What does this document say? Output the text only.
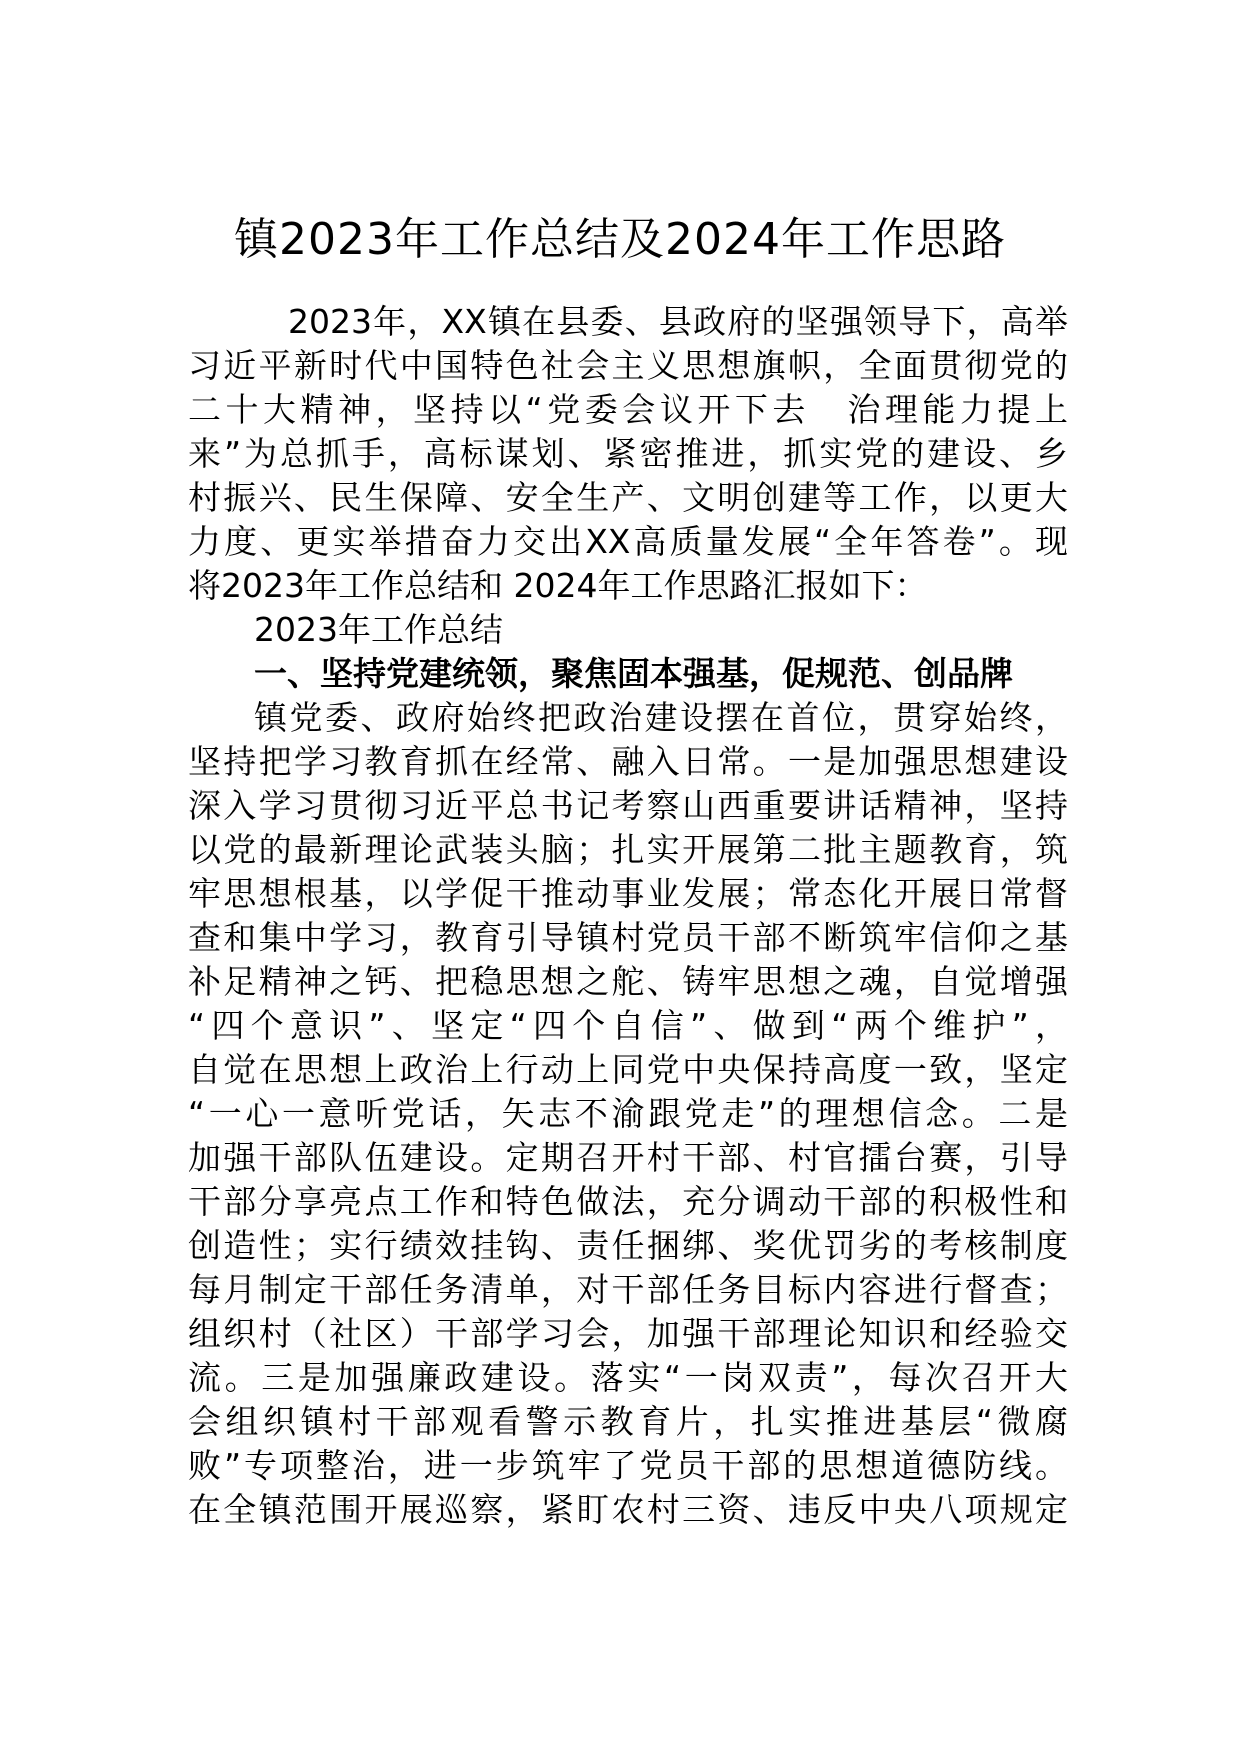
镇2023年工作总结及2024年工作思路
2023年，XX镇在县委、县政府的坚强领导下，高举
习近平新时代中国特色社会主义思想旗帜，全面贯彻党的
二十大精神，坚持以“党委会议开下去　治理能力提上
来”为总抓手，高标谋划、紧密推进，抓实党的建设、乡
村振兴、民生保障、安全生产、文明创建等工作，以更大
力度、更实举措奋力交出XX高质量发展“全年答卷”。现
将2023年工作总结和 2024年工作思路汇报如下：
2023年工作总结
一、坚持党建统领，聚焦固本强基，促规范、创品牌
镇党委、政府始终把政治建设摆在首位，贯穿始终，
坚持把学习教育抓在经常、融入日常。一是加强思想建设
深入学习贯彻习近平总书记考察山西重要讲话精神，坚持
以党的最新理论武装头脑；扎实开展第二批主题教育，筑
牢思想根基，以学促干推动事业发展；常态化开展日常督
查和集中学习，教育引导镇村党员干部不断筑牢信仰之基
补足精神之钙、把稳思想之舵、铸牢思想之魂，自觉增强
“四个意识”、坚定“四个自信”、做到“两个维护”，
自觉在思想上政治上行动上同党中央保持高度一致，坚定
“一心一意听党话，矢志不渝跟党走”的理想信念。二是
加强干部队伍建设。定期召开村干部、村官擂台赛，引导
干部分享亮点工作和特色做法，充分调动干部的积极性和
创造性；实行绩效挂钩、责任捆绑、奖优罚劣的考核制度
每月制定干部任务清单，对干部任务目标内容进行督查；
组织村（社区）干部学习会，加强干部理论知识和经验交
流。三是加强廉政建设。落实“一岗双责”，每次召开大
会组织镇村干部观看警示教育片，扎实推进基层“微腐
败”专项整治，进一步筑牢了党员干部的思想道德防线。
在全镇范围开展巡察，紧盯农村三资、违反中央八项规定
